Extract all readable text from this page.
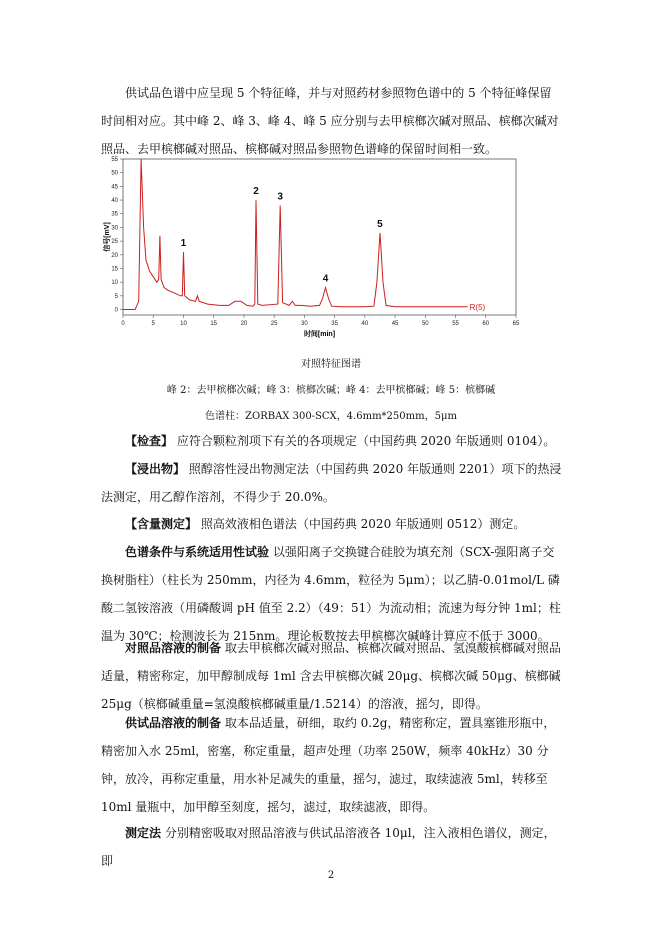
供试品色谱中应呈现 5 个特征峰，并与对照药材参照物色谱中的 5 个特征峰保留时间相对应。其中峰 2、峰 3、峰 4、峰 5 应分别与去甲槟榔次碱对照品、槟榔次碱对照品、去甲槟榔碱对照品、槟榔碱对照品参照物色谱峰的保留时间相一致。

0	5	10	15	20	25	30	35	40	45	50	55	60	65
0
5
10
15
20
25
30
35
40
45
50
55
1
2 3
4
5
信号[mV]
时间[min]
R(5)

对照特征图谱

峰 2：去甲槟榔次碱；峰 3：槟榔次碱；峰 4：去甲槟榔碱；峰 5：槟榔碱

色谱柱：ZORBAX 300-SCX，4.6mm*250mm，5μm

【检查】 应符合颗粒剂项下有关的各项规定（中国药典 2020 年版通则 0104）。

【浸出物】 照醇溶性浸出物测定法（中国药典 2020 年版通则 2201）项下的热浸法测定，用乙醇作溶剂，不得少于 20.0%。

【含量测定】 照高效液相色谱法（中国药典 2020 年版通则 0512）测定。

色谱条件与系统适用性试验 以强阳离子交换键合硅胶为填充剂（SCX-强阳离子交换树脂柱）（柱长为 250mm，内径为 4.6mm，粒径为 5μm）；以乙腈-0.01mol/L 磷酸二氢铵溶液（用磷酸调 pH 值至 2.2）（49：51）为流动相；流速为每分钟 1ml；柱温为 30℃；检测波长为 215nm。理论板数按去甲槟榔次碱峰计算应不低于 3000。

对照品溶液的制备 取去甲槟榔次碱对照品、槟榔次碱对照品、氢溴酸槟榔碱对照品适量，精密称定，加甲醇制成每 1ml 含去甲槟榔次碱 20μg、槟榔次碱 50μg、槟榔碱 25μg（槟榔碱重量=氢溴酸槟榔碱重量/1.5214）的溶液，摇匀，即得。

供试品溶液的制备 取本品适量，研细，取约 0.2g，精密称定，置具塞锥形瓶中，精密加入水 25ml，密塞，称定重量，超声处理（功率 250W，频率 40kHz）30 分钟，放冷，再称定重量，用水补足减失的重量，摇匀，滤过，取续滤液 5ml，转移至 10ml 量瓶中，加甲醇至刻度，摇匀，滤过，取续滤液，即得。

测定法 分别精密吸取对照品溶液与供试品溶液各 10μl，注入液相色谱仪，测定，即

2
